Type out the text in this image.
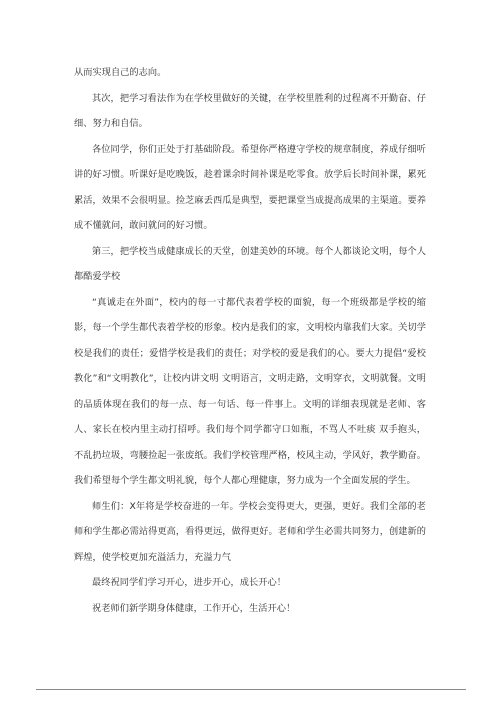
从而实现自己的志向。

其次，把学习看法作为在学校里做好的关键，在学校里胜利的过程离不开勤奋、仔细、努力和自信。

各位同学，你们正处于打基础阶段。希望你严格遵守学校的规章制度，养成仔细听讲的好习惯。听课好是吃晚饭，趁着课余时间补课是吃零食。放学后长时间补课，累死累活，效果不会很明显。捡芝麻丢西瓜是典型，要把课堂当成提高成果的主渠道。要养成不懂就问，敢问就问的好习惯。

第三，把学校当成健康成长的天堂，创建美妙的环境。每个人都谈论文明，每个人都酷爱学校

“真诚走在外面”，校内的每一寸都代表着学校的面貌，每一个班级都是学校的缩影，每一个学生都代表着学校的形象。校内是我们的家，文明校内靠我们大家。关切学校是我们的责任；爱惜学校是我们的责任；对学校的爱是我们的心。要大力提倡“爱校教化”和“文明教化”，让校内讲文明 文明语言，文明走路，文明穿衣，文明就餐。文明的品质体现在我们的每一点、每一句话、每一件事上。文明的详细表现就是老师、客人、家长在校内里主动打招呼。我们每个同学都守口如瓶，不骂人不吐痰 双手抱头，不乱扔垃圾，弯腰捡起一张废纸。我们学校管理严格，校风主动，学风好，教学勤奋。我们希望每个学生都文明礼貌，每个人都心理健康，努力成为一个全面发展的学生。

师生们：X年将是学校奋进的一年。学校会变得更大，更强，更好。我们全部的老师和学生都必需站得更高，看得更远，做得更好。老师和学生必需共同努力，创建新的辉煌，使学校更加充溢活力，充溢力气

最终祝同学们学习开心，进步开心，成长开心！

祝老师们新学期身体健康，工作开心，生活开心！
